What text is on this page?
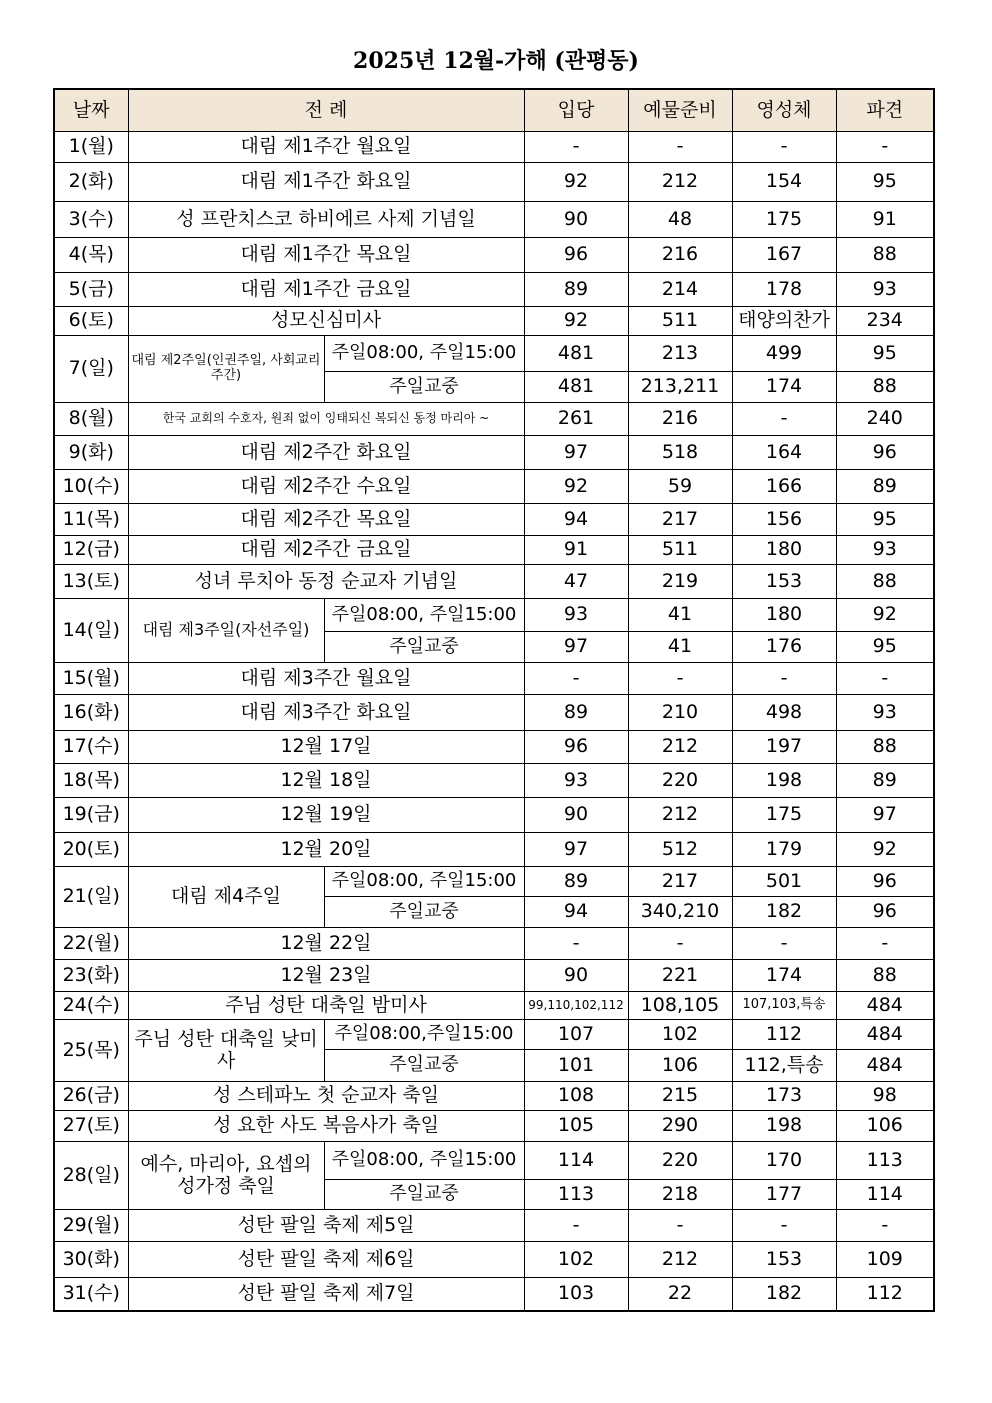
2025년 12월-가해 (관평동)
날짜	전 례		입당	예물준비	영성체	파견
1(월)	대림 제1주간 월요일		-	-	-	-
2(화)	대림 제1주간 화요일		92	212	154	95
3(수)	성 프란치스코 하비에르 사제 기념일		90	48	175	91
4(목)	대림 제1주간 목요일		96	216	167	88
5(금)	대림 제1주간 금요일		89	214	178	93
6(토)	성모신심미사		92	511	태양의찬가	234
7(일)	대림 제2주일(인권주일, 사회교리주간)	주일08:00, 주일15:00	481	213	499	95
		주일교중	481	213,211	174	88
8(월)	한국 교회의 수호자, 원죄 없이 잉태되신 복되신 동정 마리아 ~		261	216	-	240
9(화)	대림 제2주간 화요일		97	518	164	96
10(수)	대림 제2주간 수요일		92	59	166	89
11(목)	대림 제2주간 목요일		94	217	156	95
12(금)	대림 제2주간 금요일		91	511	180	93
13(토)	성녀 루치아 동정 순교자 기념일		47	219	153	88
14(일)	대림 제3주일(자선주일)	주일08:00, 주일15:00	93	41	180	92
		주일교중	97	41	176	95
15(월)	대림 제3주간 월요일		-	-	-	-
16(화)	대림 제3주간 화요일		89	210	498	93
17(수)	12월 17일		96	212	197	88
18(목)	12월 18일		93	220	198	89
19(금)	12월 19일		90	212	175	97
20(토)	12월 20일		97	512	179	92
21(일)	대림 제4주일	주일08:00, 주일15:00	89	217	501	96
		주일교중	94	340,210	182	96
22(월)	12월 22일		-	-	-	-
23(화)	12월 23일		90	221	174	88
24(수)	주님 성탄 대축일 밤미사		99,110,102,112	108,105	107,103,특송	484
25(목)	주님 성탄 대축일 낮미사	주일08:00,주일15:00	107	102	112	484
		주일교중	101	106	112,특송	484
26(금)	성 스테파노 첫 순교자 축일		108	215	173	98
27(토)	성 요한 사도 복음사가 축일		105	290	198	106
28(일)	예수, 마리아, 요셉의 성가정 축일	주일08:00, 주일15:00	114	220	170	113
		주일교중	113	218	177	114
29(월)	성탄 팔일 축제 제5일		-	-	-	-
30(화)	성탄 팔일 축제 제6일		102	212	153	109
31(수)	성탄 팔일 축제 제7일		103	22	182	112
